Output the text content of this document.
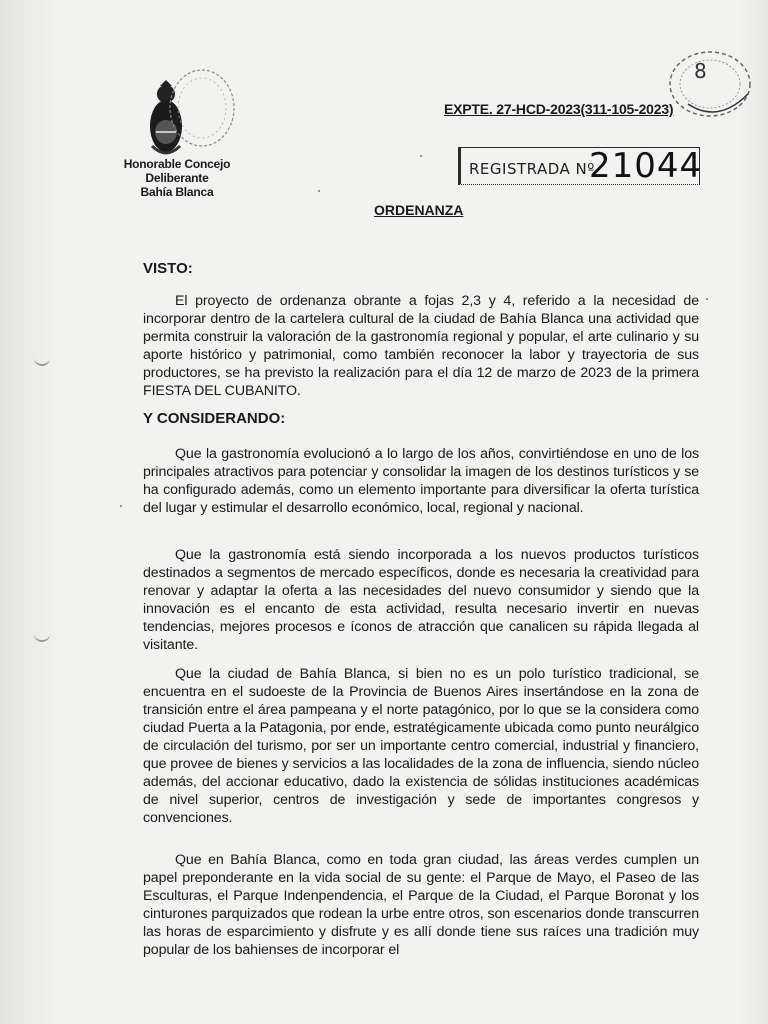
Honorable Concejo Deliberante
Bahía Blanca
EXPTE. 27-HCD-2023(311-105-2023)
8
REGISTRADA Nº
21044
ORDENANZA
VISTO:
El proyecto de ordenanza obrante a fojas 2,3 y 4, referido a la necesidad de incorporar dentro de la cartelera cultural de la ciudad de Bahía Blanca una actividad que permita construir la valoración de la gastronomía regional y popular, el arte culinario y su aporte histórico y patrimonial, como también reconocer la labor y trayectoria de sus productores, se ha previsto la realización para el día 12 de marzo de 2023 de la primera FIESTA DEL CUBANITO.
Y CONSIDERANDO:
Que la gastronomía evolucionó a lo largo de los años, convirtiéndose en uno de los principales atractivos para potenciar y consolidar la imagen de los destinos turísticos y se ha configurado además, como un elemento importante para diversificar la oferta turística del lugar y estimular el desarrollo económico, local, regional y nacional.
Que la gastronomía está siendo incorporada a los nuevos productos turísticos destinados a segmentos de mercado específicos, donde es necesaria la creatividad para renovar y adaptar la oferta a las necesidades del nuevo consumidor y siendo que la innovación es el encanto de esta actividad, resulta necesario invertir en nuevas tendencias, mejores procesos e íconos de atracción que canalicen su rápida llegada al visitante.
Que la ciudad de Bahía Blanca, si bien no es un polo turístico tradicional, se encuentra en el sudoeste de la Provincia de Buenos Aires insertándose en la zona de transición entre el área pampeana y el norte patagónico, por lo que se la considera como ciudad Puerta a la Patagonia, por ende, estratégicamente ubicada como punto neurálgico de circulación del turismo, por ser un importante centro comercial, industrial y financiero, que provee de bienes y servicios a las localidades de la zona de influencia, siendo núcleo además, del accionar educativo, dado la existencia de sólidas instituciones académicas de nivel superior, centros de investigación y sede de importantes congresos y convenciones.
Que en Bahía Blanca, como en toda gran ciudad, las áreas verdes cumplen un papel preponderante en la vida social de su gente: el Parque de Mayo, el Paseo de las Esculturas, el Parque Indenpendencia, el Parque de la Ciudad, el Parque Boronat y los cinturones parquizados que rodean la urbe entre otros, son escenarios donde transcurren las horas de esparcimiento y disfrute y es allí donde tiene sus raíces una tradición muy popular de los bahienses de incorporar el
